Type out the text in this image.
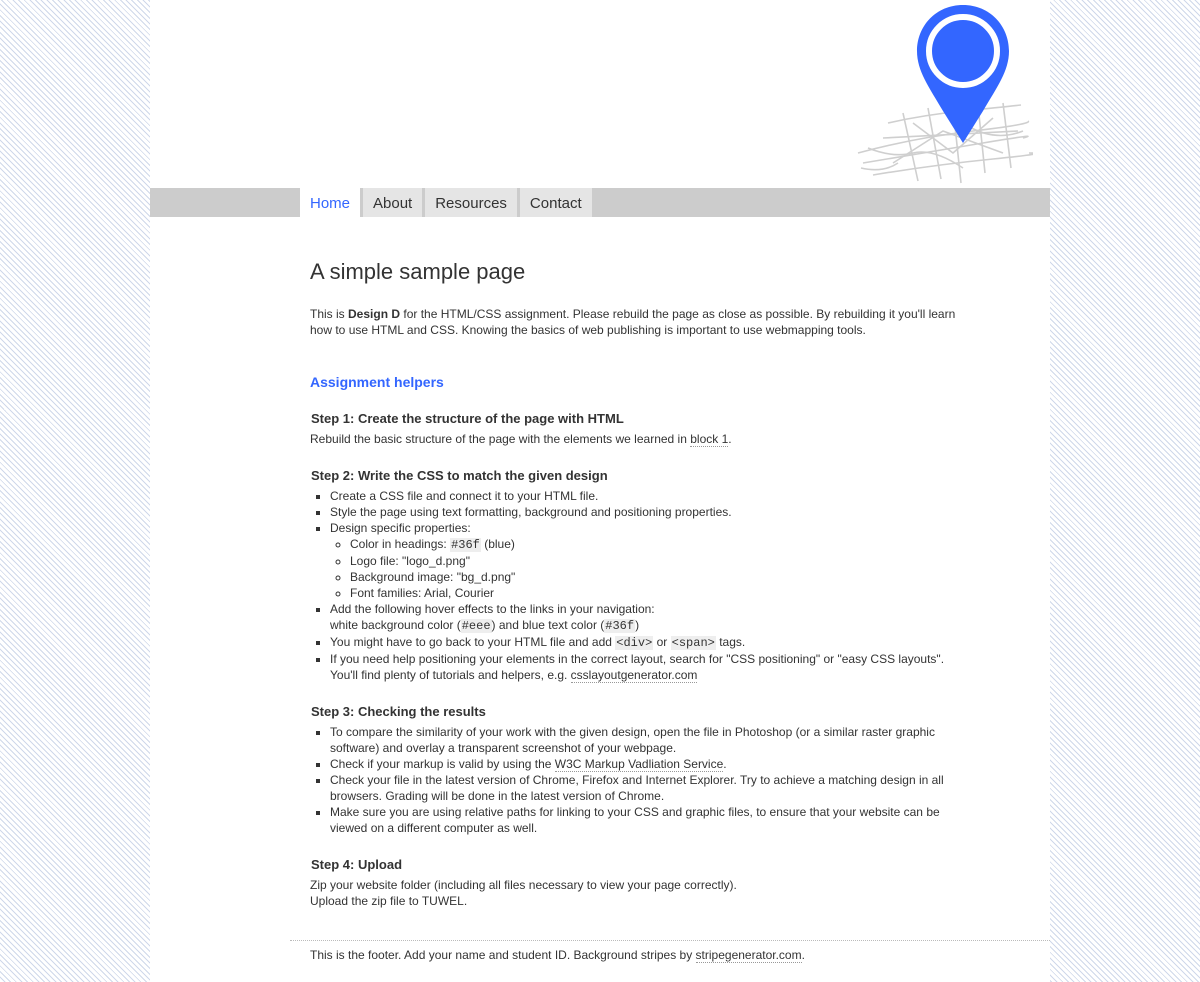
Home	About	Resources	Contact
A simple sample page

This is Design D for the HTML/CSS assignment. Please rebuild the page as close as possible. By rebuilding it you'll learn how to use HTML and CSS. Knowing the basics of web publishing is important to use webmapping tools.

Assignment helpers
Step 1: Create the structure of the page with HTML

Rebuild the basic structure of the page with the elements we learned in block 1.

Step 2: Write the CSS to match the given design
▪ Create a CSS file and connect it to your HTML file.
▪ Style the page using text formatting, background and positioning properties.
▪ Design specific properties:
◦ Color in headings: #36f (blue)
◦ Logo file: "logo_d.png"
◦ Background image: "bg_d.png"
◦ Font families: Arial, Courier
▪ Add the following hover effects to the links in your navigation:
white background color (#eee) and blue text color (#36f)
▪ You might have to go back to your HTML file and add <div> or <span> tags.
▪ If you need help positioning your elements in the correct layout, search for "CSS positioning" or "easy CSS layouts". You'll find plenty of tutorials and helpers, e.g. csslayoutgenerator.com
Step 3: Checking the results
▪ To compare the similarity of your work with the given design, open the file in Photoshop (or a similar raster graphic software) and overlay a transparent screenshot of your webpage.
▪ Check if your markup is valid by using the W3C Markup Vadliation Service.
▪ Check your file in the latest version of Chrome, Firefox and Internet Explorer. Try to achieve a matching design in all browsers. Grading will be done in the latest version of Chrome.
▪ Make sure you are using relative paths for linking to your CSS and graphic files, to ensure that your website can be viewed on a different computer as well.
Step 4: Upload

Zip your website folder (including all files necessary to view your page correctly).

Upload the zip file to TUWEL.

This is the footer. Add your name and student ID. Background stripes by stripegenerator.com.
